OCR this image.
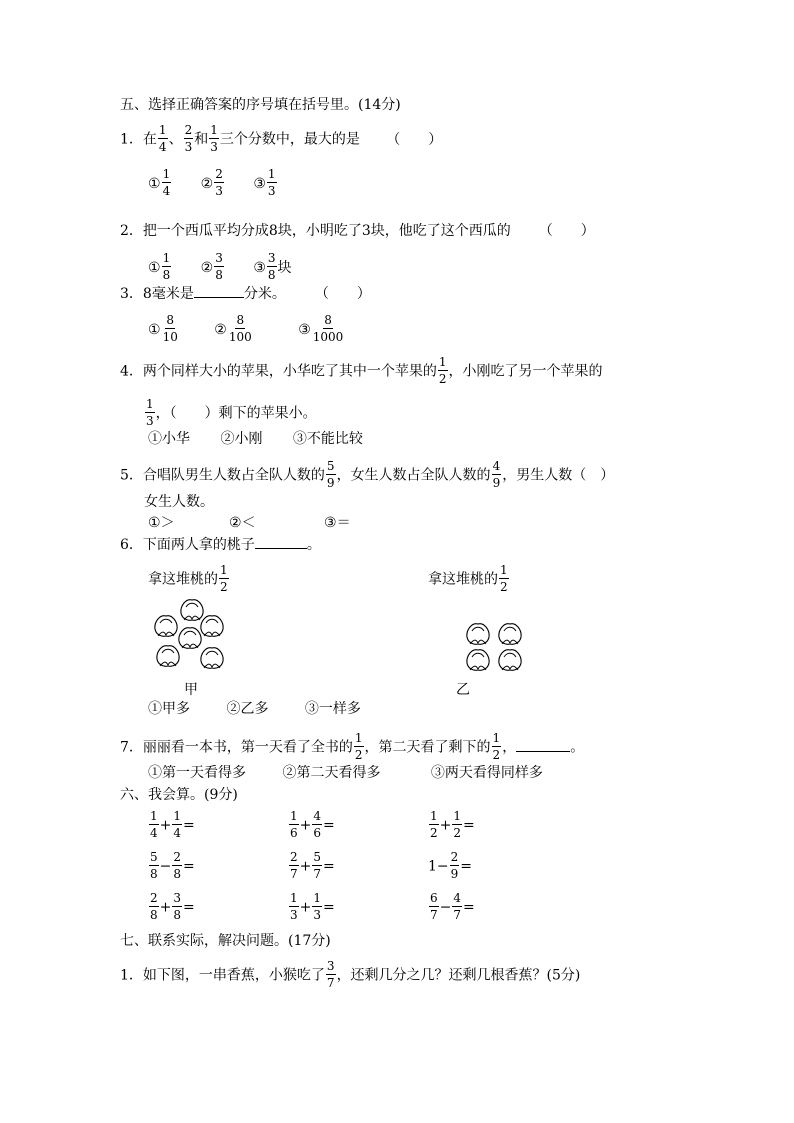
五、选择正确答案的序号填在括号里。(14分)
1．在 $\frac{1}{4}$ 、 $\frac{2}{3}$ 和 $\frac{1}{3}$ 三个分数中，最大的是 （　　）
① $\frac{1}{4}$ ② $\frac{2}{3}$ ③ $\frac{1}{3}$
2．把一个西瓜平均分成8块，小明吃了3块，他吃了这个西瓜的 （　　）
① $\frac{1}{8}$ ② $\frac{3}{8}$ ③ $\frac{3}{8}$ 块
3．8毫米是	分米。	（　　）
① $\frac{8}{10}$	② $\frac{8}{100}$	③ $\frac{8}{1000}$
4．两个同样大小的苹果，小华吃了其中一个苹果的 $\frac{1}{2}$ ，小刚吃了另一个苹果的
$\frac{1}{3}$ ，（　　）剩下的苹果小。
①小华 ②小刚 ③不能比较
5．合唱队男生人数占全队人数的 $\frac{5}{9}$ ，女生人数占全队人数的 $\frac{4}{9}$ ，男生人数（　）
女生人数。
①＞	②＜	③＝
6．下面两人拿的桃子	。
拿这堆桃的 $\frac{1}{2}$	拿这堆桃的 $\frac{1}{2}$
甲	乙
①甲多	②乙多	③一样多
7．丽丽看一本书，第一天看了全书的 $\frac{1}{2}$ ，第二天看了剩下的 $\frac{1}{2}$ ，	。
①第一天看得多	②第二天看得多	③两天看得同样多
六、我会算。(9分)
$\frac{1}{4} + \frac{1}{4}$ =	$\frac{1}{6} + \frac{4}{6}$ =	$\frac{1}{2} + \frac{1}{2}$ =
$\frac{5}{8} - \frac{2}{8}$ =	$\frac{2}{7} + \frac{5}{7}$ =	$1- \frac{2}{9}$ =
$\frac{2}{8} + \frac{3}{8}$ =	$\frac{1}{3} + \frac{1}{3}$ =	$\frac{6}{7} - \frac{4}{7}$ =
七、联系实际，解决问题。(17分)
1．如下图，一串香蕉，小猴吃了 $\frac{3}{7}$ ，还剩几分之几？还剩几根香蕉？(5分)
